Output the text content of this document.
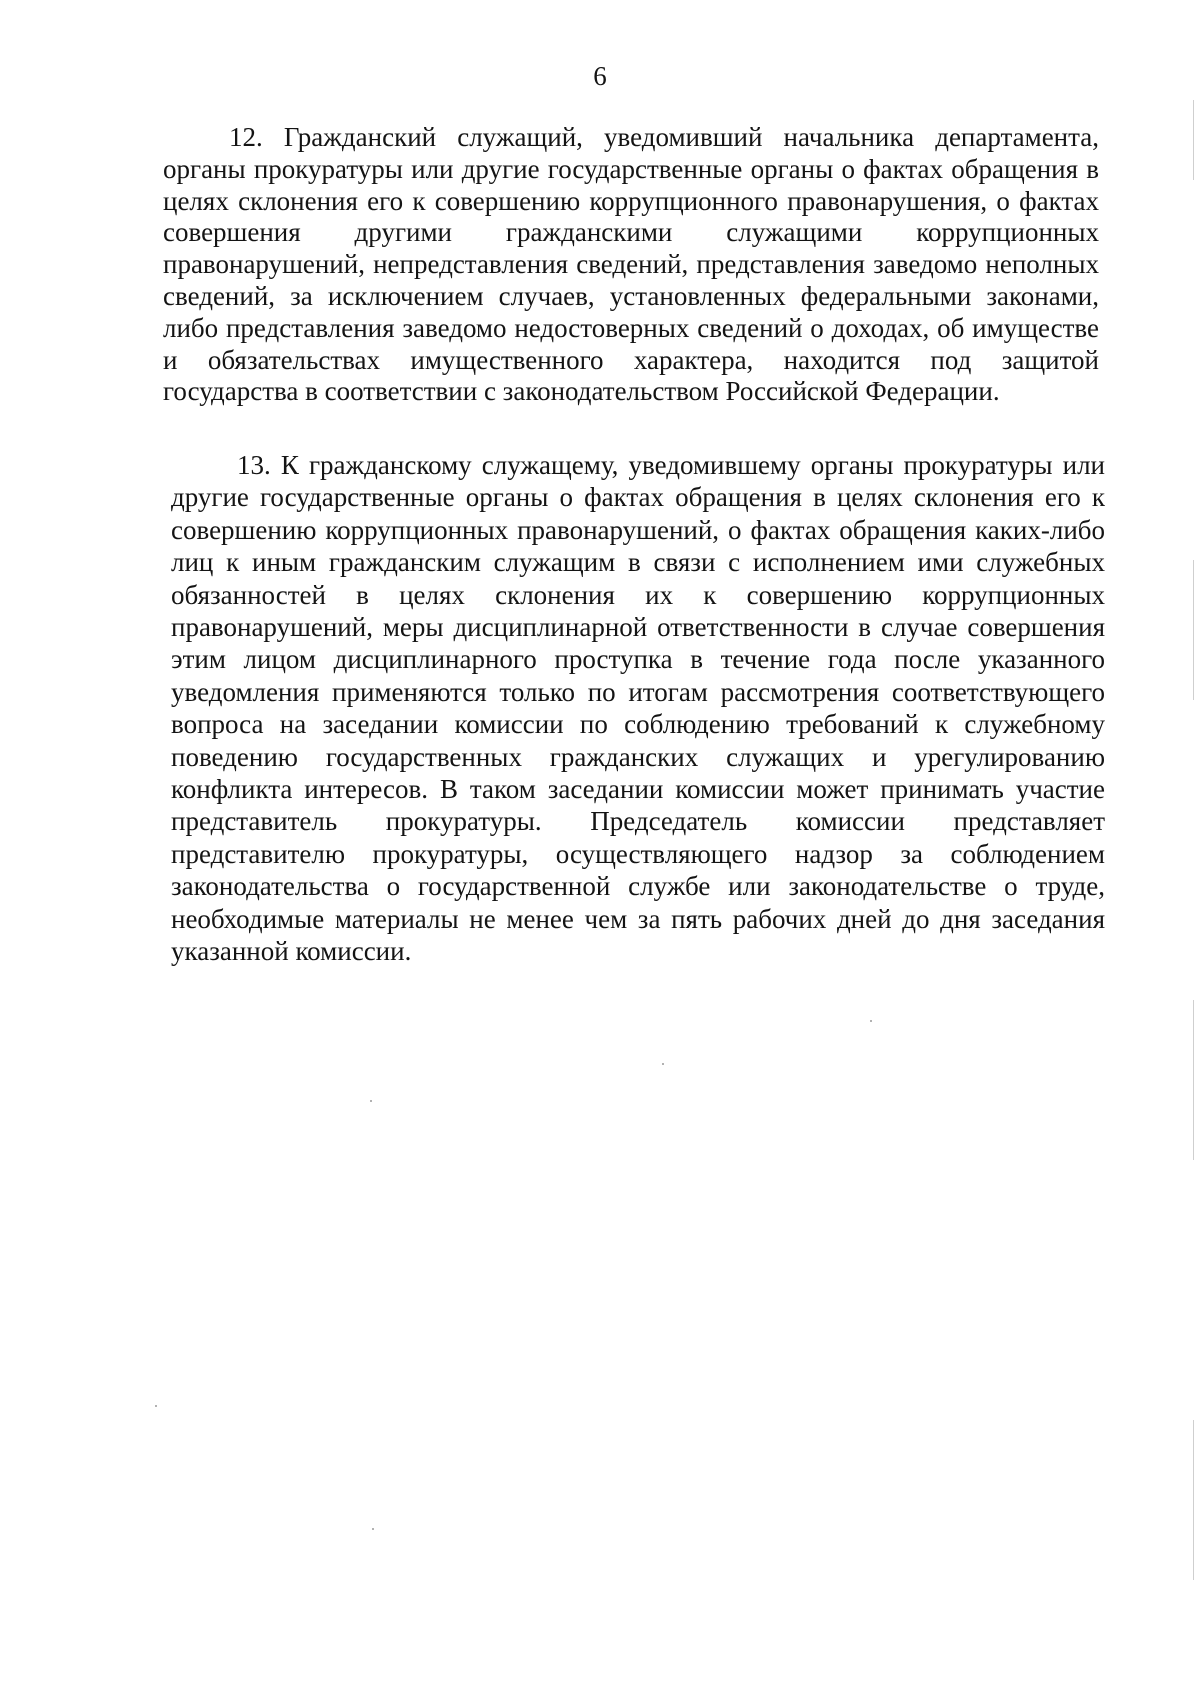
6

12. Гражданский служащий, уведомивший начальника департамента, органы прокуратуры или другие государственные органы о фактах обращения в целях склонения его к совершению коррупционного правонарушения, о фактах совершения другими гражданскими служащими коррупционных правонарушений, непредставления сведений, представления заведомо неполных сведений, за исключением случаев, установленных федеральными законами, либо представления заведомо недостоверных сведений о доходах, об имуществе и обязательствах имущественного характера, находится под защитой государства в соответствии с законодательством Российской Федерации.

13. К гражданскому служащему, уведомившему органы прокуратуры или другие государственные органы о фактах обращения в целях склонения его к совершению коррупционных правонарушений, о фактах обращения каких-либо лиц к иным гражданским служащим в связи с исполнением ими служебных обязанностей в целях склонения их к совершению коррупционных правонарушений, меры дисциплинарной ответственности в случае совершения этим лицом дисциплинарного проступка в течение года после указанного уведомления применяются только по итогам рассмотрения соответствующего вопроса на заседании комиссии по соблюдению требований к служебному поведению государственных гражданских служащих и урегулированию конфликта интересов. В таком заседании комиссии может принимать участие представитель прокуратуры. Председатель комиссии представляет представителю прокуратуры, осуществляющего надзор за соблюдением законодательства о государственной службе или законодательстве о труде, необходимые материалы не менее чем за пять рабочих дней до дня заседания указанной комиссии.
